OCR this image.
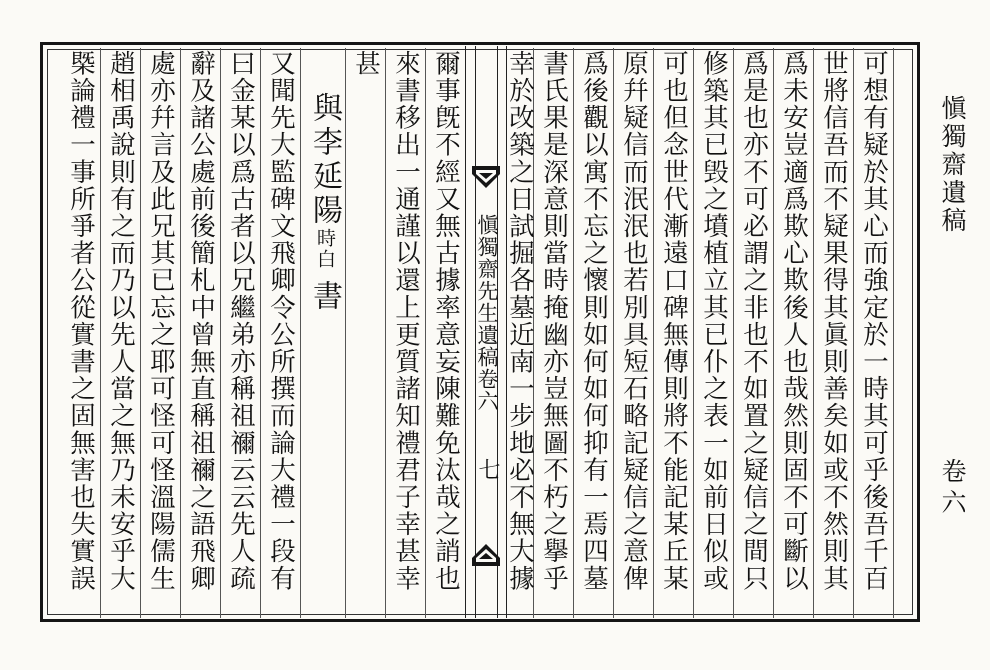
愼獨齋遺稿
卷六
可想有疑於其心而強定於一時其可乎後吾千百
世將信吾而不疑果得其眞則善矣如或不然則其
爲未安豈適爲欺心欺後人也哉然則固不可斷以
爲是也亦不可必謂之非也不如置之疑信之間只
修築其已毁之墳植立其已仆之表一如前日似或
可也但念世代漸遠口碑無傳則將不能記某丘某
原幷疑信而泯泯也若別具短石略記疑信之意俾
爲後觀以寓不忘之懷則如何如何抑有一焉四墓
書氏果是深意則當時掩幽亦豈無圖不朽之擧乎
幸於改築之日試掘各墓近南一步地必不無大據
愼獨齋先生遺稿卷六
七
爾事旣不經又無古據率意妄陳難免汰哉之誚也
來書移出一通謹以還上更質諸知禮君子幸甚幸
甚
與李延陽
時白
書
又聞先大監碑文飛卿令公所撰而論大禮一段有
曰金某以爲古者以兄繼弟亦稱祖禰云云先人疏
辭及諸公處前後簡札中曾無直稱祖禰之語飛卿
處亦幷言及此兄其已忘之耶可怪可怪溫陽儒生
趙相禹說則有之而乃以先人當之無乃未安乎大
槩論禮一事所爭者公從實書之固無害也失實誤
